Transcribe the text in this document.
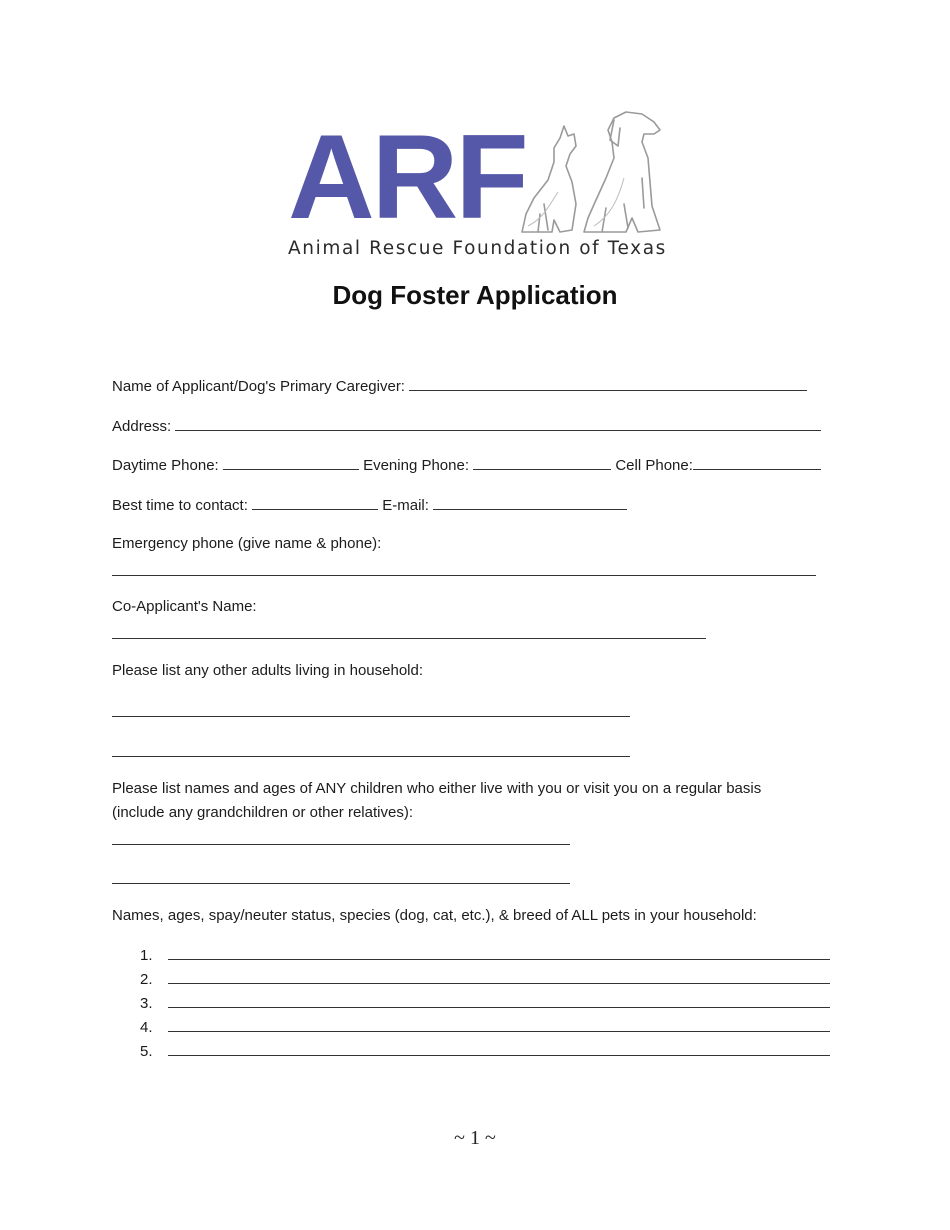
ARF
Animal Rescue Foundation of Texas
Dog Foster Application
Name of Applicant/Dog's Primary Caregiver:
Address:
Daytime Phone:	Evening Phone:	Cell Phone:
Best time to contact:	E-mail:
Emergency phone (give name & phone):
Co-Applicant's Name:
Please list any other adults living in household:
Please list names and ages of ANY children who either live with you or visit you on a regular basis
(include any grandchildren or other relatives):
Names, ages, spay/neuter status, species (dog, cat, etc.), & breed of ALL pets in your household:
1.
2.
3.
4.
5.
~ 1 ~
